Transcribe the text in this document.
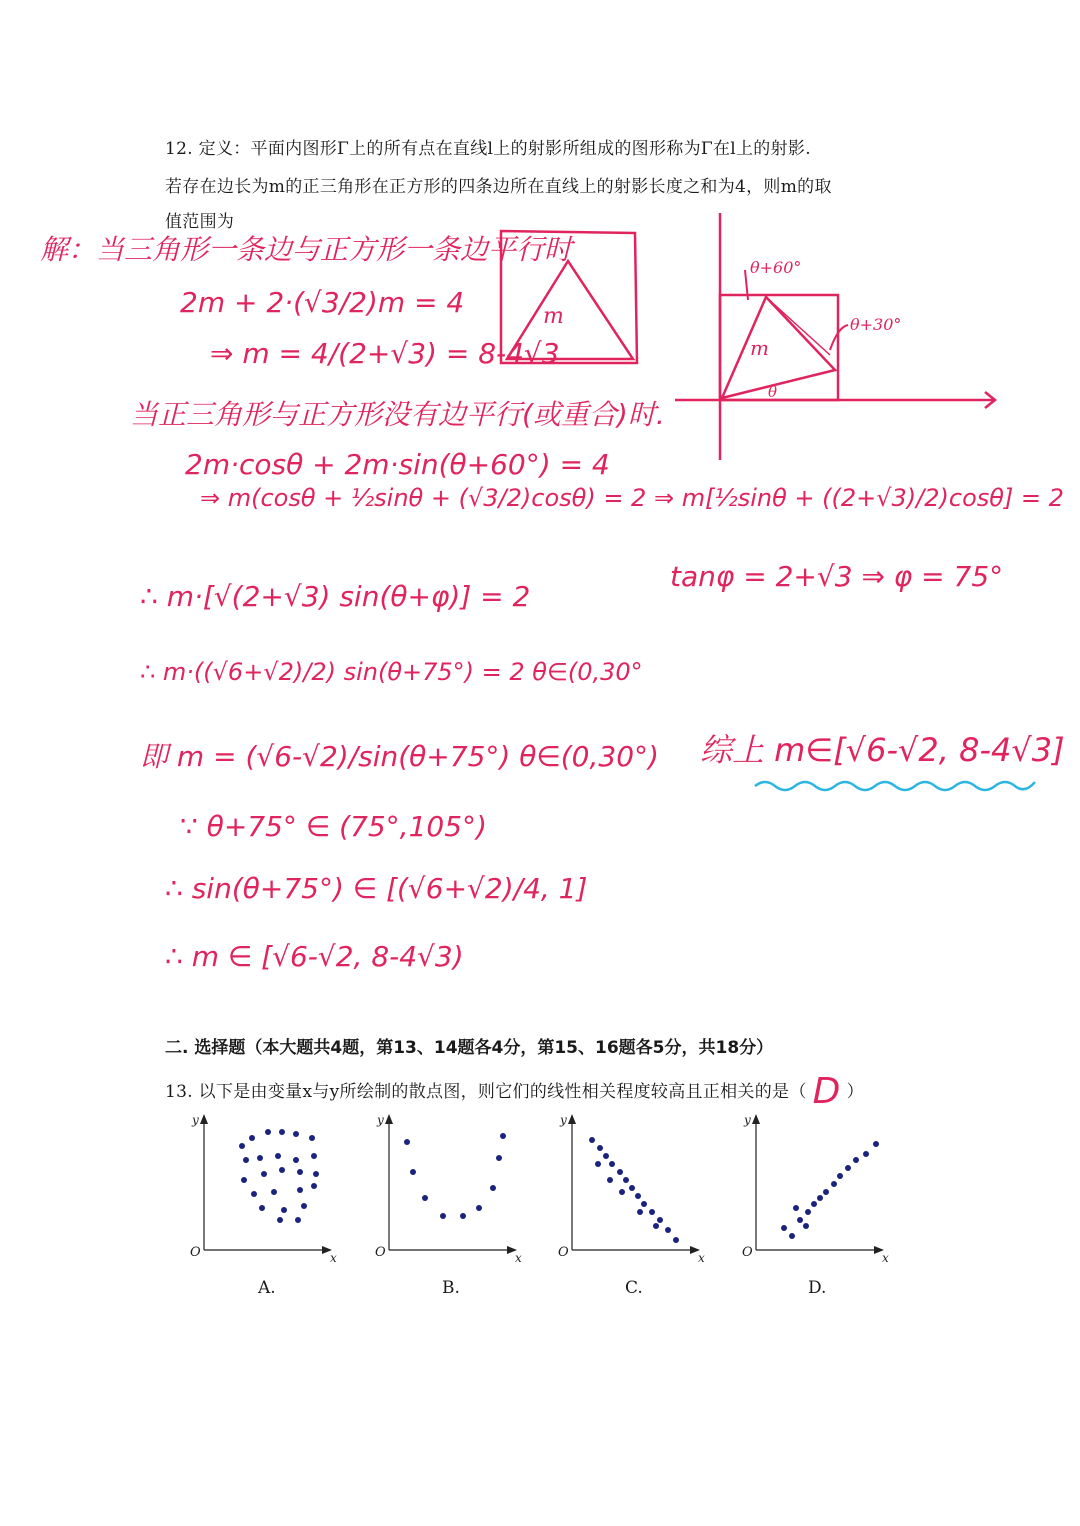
12. 定义：平面内图形Γ上的所有点在直线l上的射影所组成的图形称为Γ在l上的射影.
若存在边长为m的正三角形在正方形的四条边所在直线上的射影长度之和为4，则m的取
值范围为
解：当三角形一条边与正方形一条边平行时
2m + 2·(√3/2)m = 4
⇒ m = 4/(2+√3) = 8-4√3
当正三角形与正方形没有边平行(或重合)时.
2m·cosθ + 2m·sin(θ+60°) = 4
⇒ m(cosθ + ½sinθ + (√3/2)cosθ) = 2 ⇒ m[½sinθ + ((2+√3)/2)cosθ] = 2
∴ m·[√(2+√3) sin(θ+φ)] = 2
tanφ = 2+√3 ⇒ φ = 75°
∴ m·((√6+√2)/2) sin(θ+75°) = 2 θ∈(0,30°
即 m = (√6-√2)/sin(θ+75°) θ∈(0,30°) 综上 m∈[√6-√2, 8-4√3]
∵ θ+75° ∈ (75°,105°)
∴ sin(θ+75°) ∈ [(√6+√2)/4, 1]
∴ m ∈ [√6-√2, 8-4√3)
m
θ+60°
θ+30°
m
θ
二. 选择题（本大题共4题，第13、14题各4分，第15、16题各5分，共18分）
13. 以下是由变量x与y所绘制的散点图，则它们的线性相关程度较高且正相关的是（ D ）
y
x
O
y
x
O
y
x
O
y
x
O
A.	B.	C.	D.
